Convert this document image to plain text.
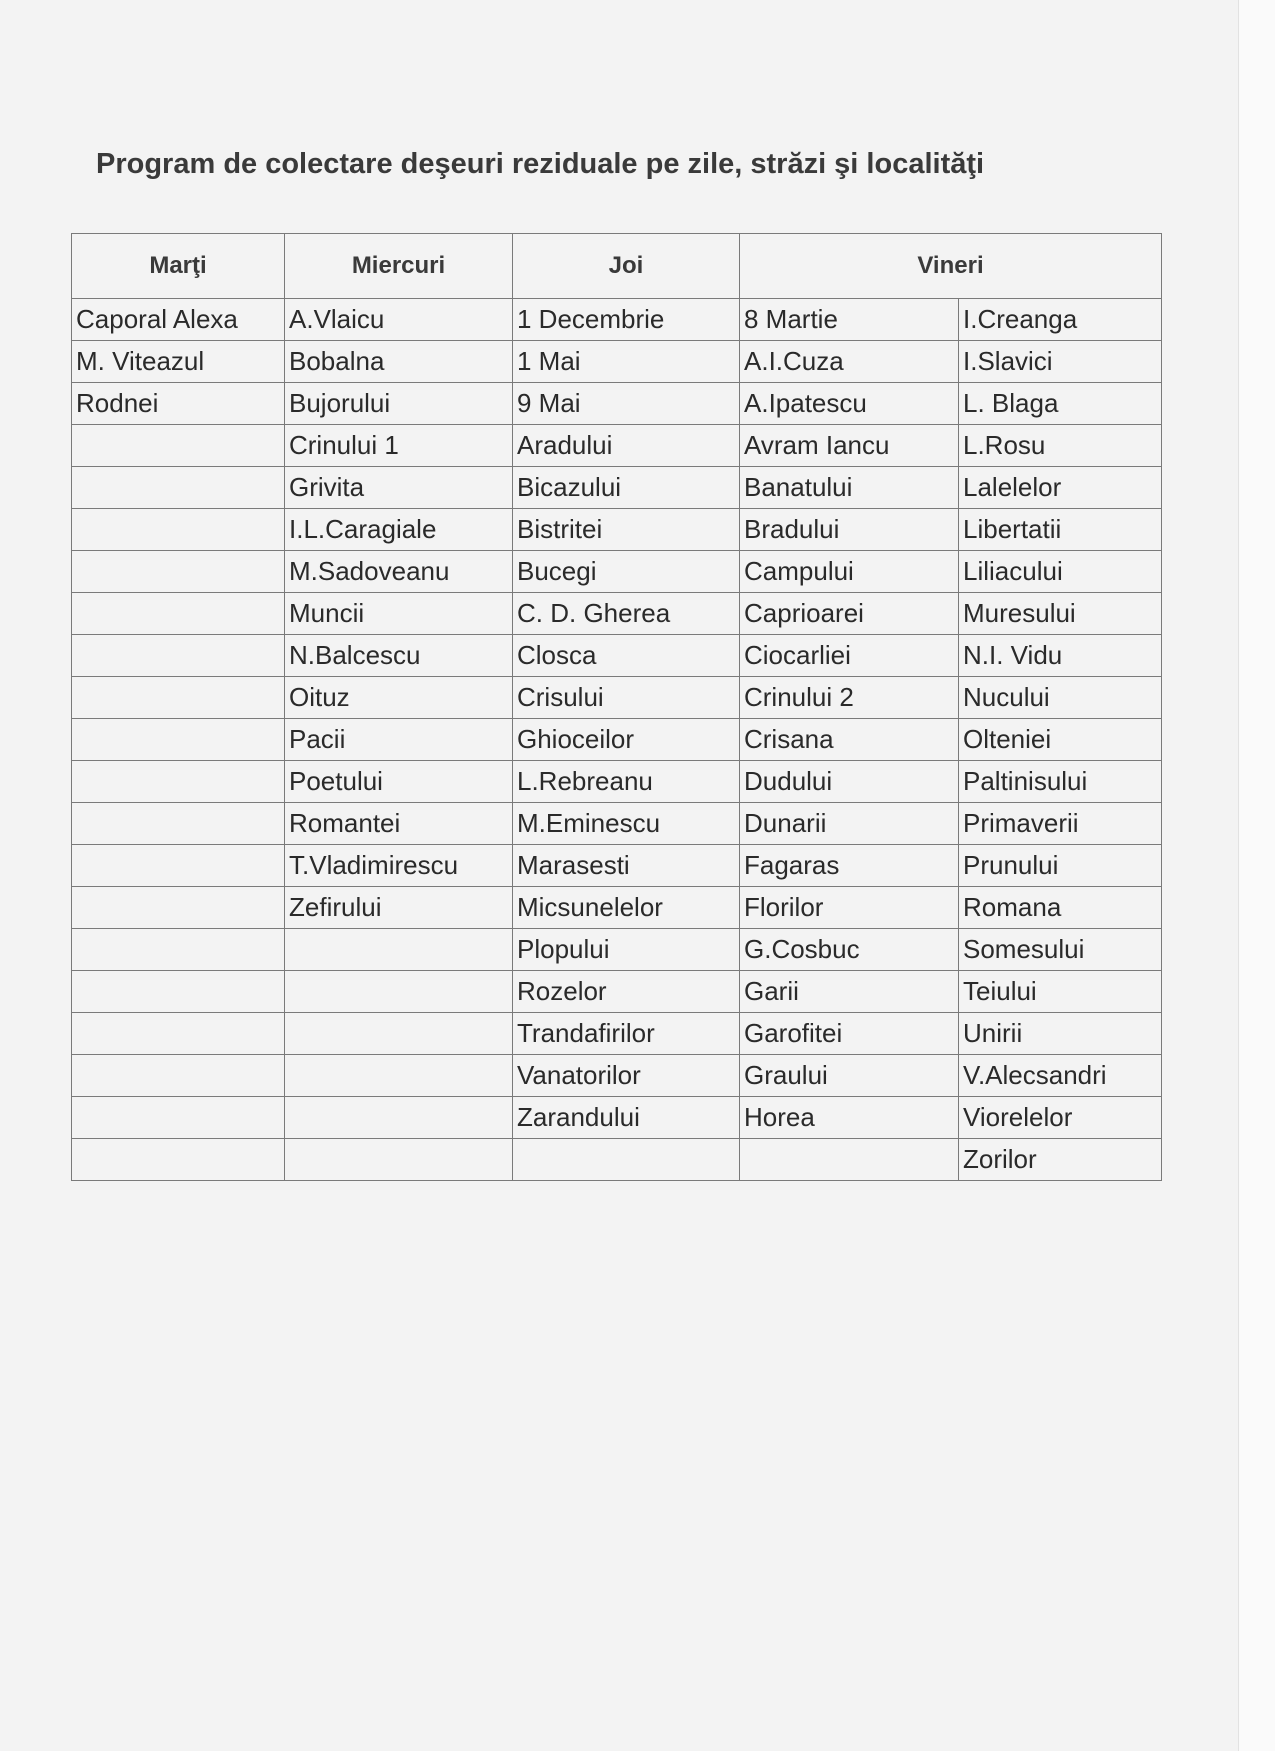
Program de colectare deşeuri reziduale pe zile, străzi şi localităţi
Marţi	Miercuri	Joi	Vineri	
Caporal Alexa	A.Vlaicu	1 Decembrie	8 Martie	I.Creanga
M. Viteazul	Bobalna	1 Mai	A.I.Cuza	I.Slavici
Rodnei	Bujorului	9 Mai	A.Ipatescu	L. Blaga
	Crinului 1	Aradului	Avram Iancu	L.Rosu
	Grivita	Bicazului	Banatului	Lalelelor
	I.L.Caragiale	Bistritei	Bradului	Libertatii
	M.Sadoveanu	Bucegi	Campului	Liliacului
	Muncii	C. D. Gherea	Caprioarei	Muresului
	N.Balcescu	Closca	Ciocarliei	N.I. Vidu
	Oituz	Crisului	Crinului 2	Nucului
	Pacii	Ghioceilor	Crisana	Olteniei
	Poetului	L.Rebreanu	Dudului	Paltinisului
	Romantei	M.Eminescu	Dunarii	Primaverii
	T.Vladimirescu	Marasesti	Fagaras	Prunului
	Zefirului	Micsunelelor	Florilor	Romana
		Plopului	G.Cosbuc	Somesului
		Rozelor	Garii	Teiului
		Trandafirilor	Garofitei	Unirii
		Vanatorilor	Graului	V.Alecsandri
		Zarandului	Horea	Viorelelor
				Zorilor
